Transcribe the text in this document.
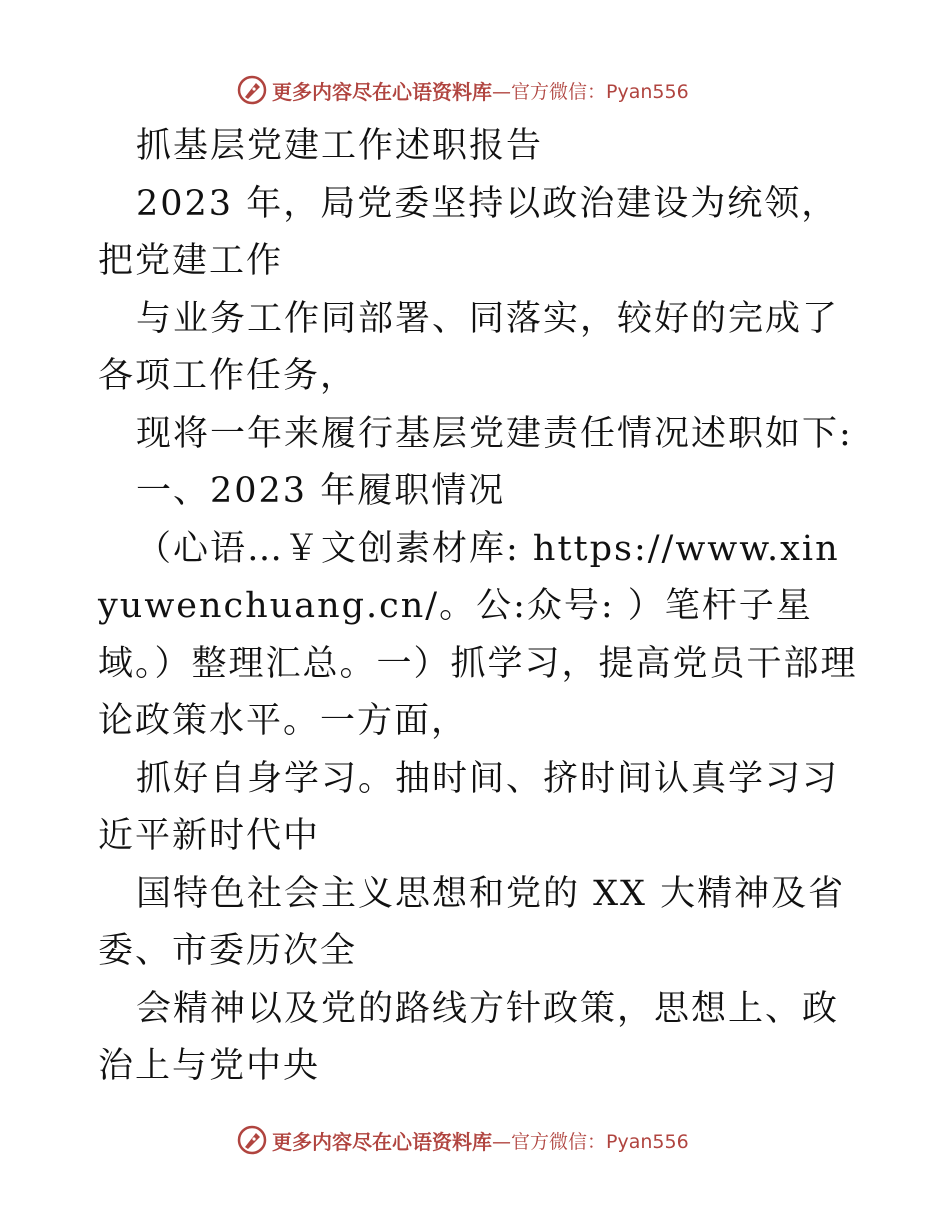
更多内容尽在心语资料库 —官方微信：Pyan556

抓基层党建工作述职报告

2023 年，局党委坚持以政治建设为统领，把党建工作

与业务工作同部署、同落实，较好的完成了各项工作任务，

现将一年来履行基层党建责任情况述职如下:

一、2023 年履职情况

（心语…￥文创素材库: https://www.xinyuwenchuang.cn/。公:众号: ）笔杆子星域。）整理汇总。一）抓学习，提高党员干部理论政策水平。一方面，

抓好自身学习。抽时间、挤时间认真学习习近平新时代中

国特色社会主义思想和党的 XX 大精神及省委、市委历次全

会精神以及党的路线方针政策，思想上、政治上与党中央

更多内容尽在心语资料库 —官方微信：Pyan556
